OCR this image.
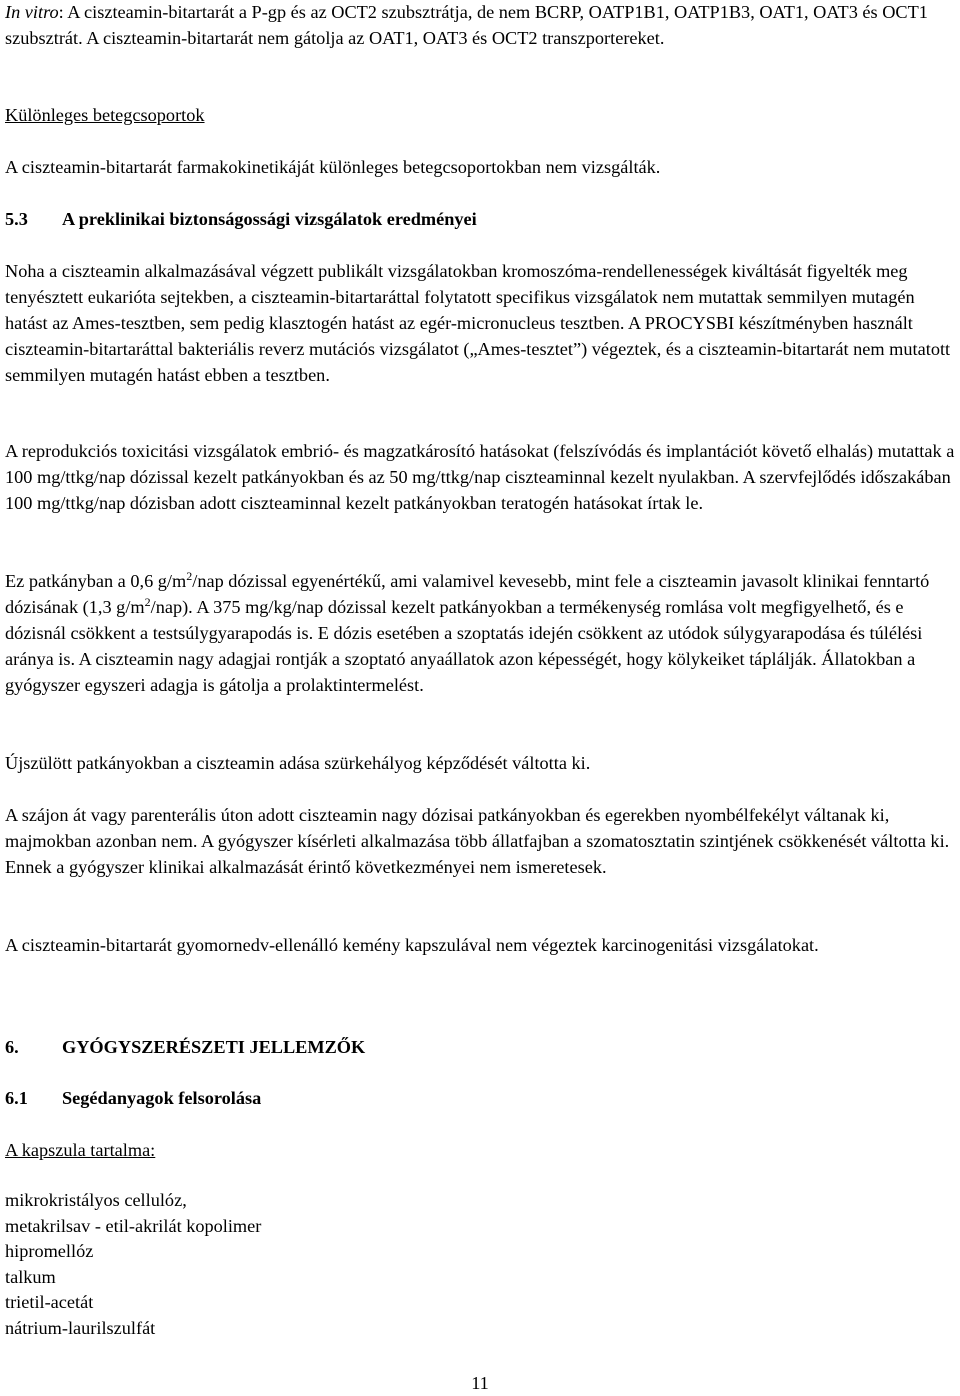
In vitro: A ciszteamin-bitartarát a P-gp és az OCT2 szubsztrátja, de nem BCRP, OATP1B1, OATP1B3, OAT1, OAT3 és OCT1 szubsztrát. A ciszteamin-bitartarát nem gátolja az OAT1, OAT3 és OCT2 transzportereket.

Különleges betegcsoportok

A ciszteamin-bitartarát farmakokinetikáját különleges betegcsoportokban nem vizsgálták.

5.3 A preklinikai biztonságossági vizsgálatok eredményei

Noha a ciszteamin alkalmazásával végzett publikált vizsgálatokban kromoszóma-rendellenességek kiváltását figyelték meg tenyésztett eukarióta sejtekben, a ciszteamin-bitartaráttal folytatott specifikus vizsgálatok nem mutattak semmilyen mutagén hatást az Ames-tesztben, sem pedig klasztogén hatást az egér-micronucleus tesztben. A PROCYSBI készítményben használt ciszteamin-bitartaráttal bakteriális reverz mutációs vizsgálatot („Ames-tesztet”) végeztek, és a ciszteamin-bitartarát nem mutatott semmilyen mutagén hatást ebben a tesztben.

A reprodukciós toxicitási vizsgálatok embrió- és magzatkárosító hatásokat (felszívódás és implantációt követő elhalás) mutattak a 100 mg/ttkg/nap dózissal kezelt patkányokban és az 50 mg/ttkg/nap ciszteaminnal kezelt nyulakban. A szervfejlődés időszakában 100 mg/ttkg/nap dózisban adott ciszteaminnal kezelt patkányokban teratogén hatásokat írtak le.

Ez patkányban a 0,6 $g/m^2$/nap dózissal egyenértékű, ami valamivel kevesebb, mint fele a ciszteamin javasolt klinikai fenntartó dózisának (1,3 $g/m^2/nap$). A 375 mg/kg/nap dózissal kezelt patkányokban a termékenység romlása volt megfigyelhető, és e dózisnál csökkent a testsúlygyarapodás is. E dózis esetében a szoptatás idején csökkent az utódok súlygyarapodása és túlélési aránya is. A ciszteamin nagy adagjai rontják a szoptató anyaállatok azon képességét, hogy kölykeiket táplálják. Állatokban a gyógyszer egyszeri adagja is gátolja a prolaktintermelést.

Újszülött patkányokban a ciszteamin adása szürkehályog képződését váltotta ki.

A szájon át vagy parenterális úton adott ciszteamin nagy dózisai patkányokban és egerekben nyombélfekélyt váltanak ki, majmokban azonban nem. A gyógyszer kísérleti alkalmazása több állatfajban a szomatosztatin szintjének csökkenését váltotta ki. Ennek a gyógyszer klinikai alkalmazását érintő következményei nem ismeretesek.

A ciszteamin-bitartarát gyomornedv-ellenálló kemény kapszulával nem végeztek karcinogenitási vizsgálatokat.

6. GYÓGYSZERÉSZETI JELLEMZŐK

6.1 Segédanyagok felsorolása

A kapszula tartalma:

mikrokristályos cellulóz,
metakrilsav - etil-akrilát kopolimer
hipromellóz
talkum
trietil-acetát
nátrium-laurilszulfát
11
